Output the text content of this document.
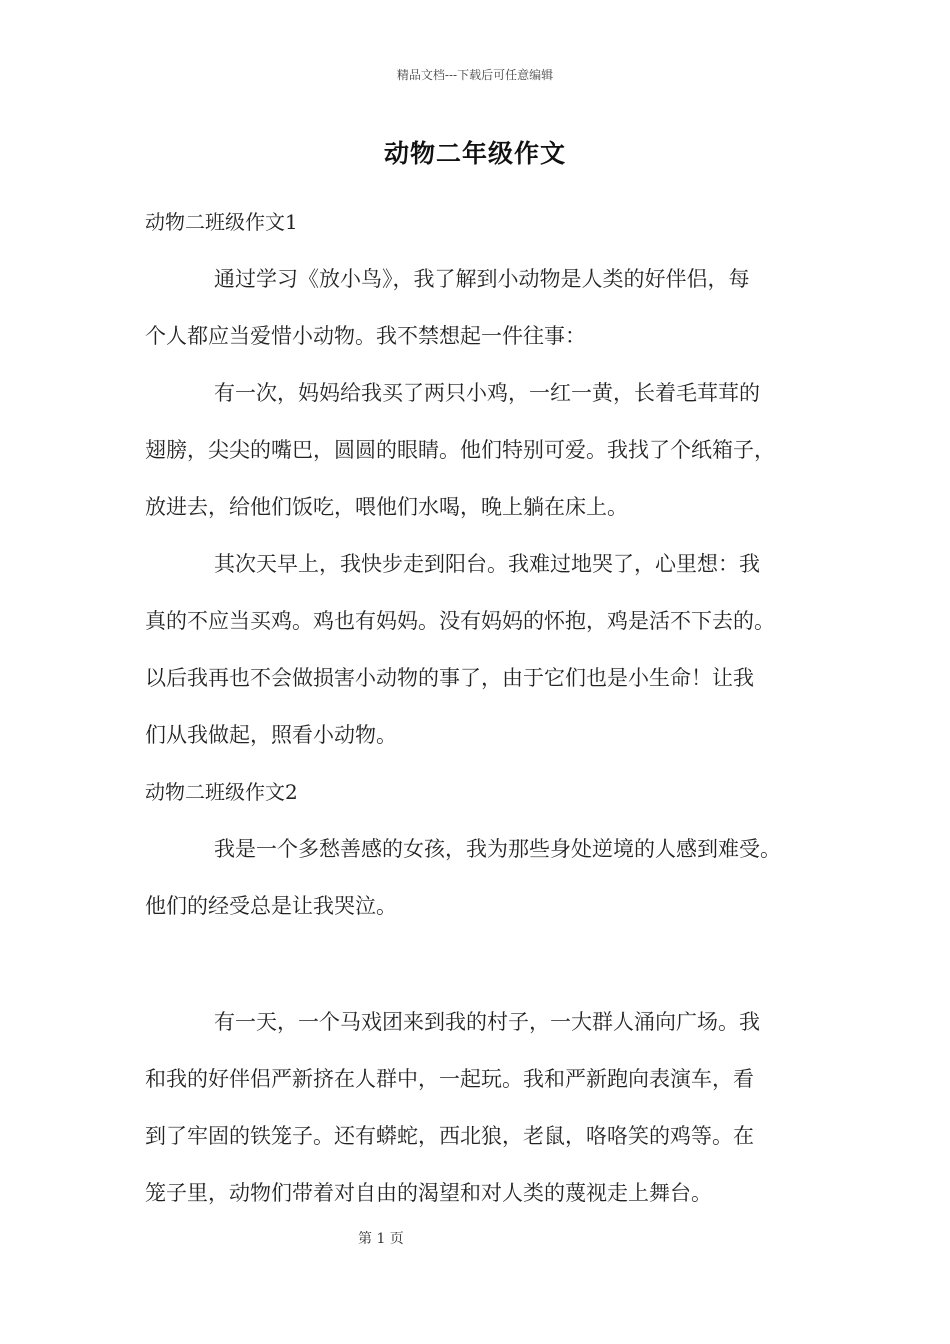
精品文档---下载后可任意编辑

动物二年级作文

动物二班级作文1

通过学习《放小鸟》，我了解到小动物是人类的好伴侣，每

个人都应当爱惜小动物。我不禁想起一件往事：

有一次，妈妈给我买了两只小鸡，一红一黄，长着毛茸茸的

翅膀，尖尖的嘴巴，圆圆的眼睛。他们特别可爱。我找了个纸箱子，

放进去，给他们饭吃，喂他们水喝，晚上躺在床上。

其次天早上，我快步走到阳台。我难过地哭了，心里想：我

真的不应当买鸡。鸡也有妈妈。没有妈妈的怀抱，鸡是活不下去的。

以后我再也不会做损害小动物的事了，由于它们也是小生命！让我

们从我做起，照看小动物。

动物二班级作文2

我是一个多愁善感的女孩，我为那些身处逆境的人感到难受。

他们的经受总是让我哭泣。

有一天，一个马戏团来到我的村子，一大群人涌向广场。我

和我的好伴侣严新挤在人群中，一起玩。我和严新跑向表演车，看

到了牢固的铁笼子。还有蟒蛇，西北狼，老鼠，咯咯笑的鸡等。在

笼子里，动物们带着对自由的渴望和对人类的蔑视走上舞台。

第 1 页
